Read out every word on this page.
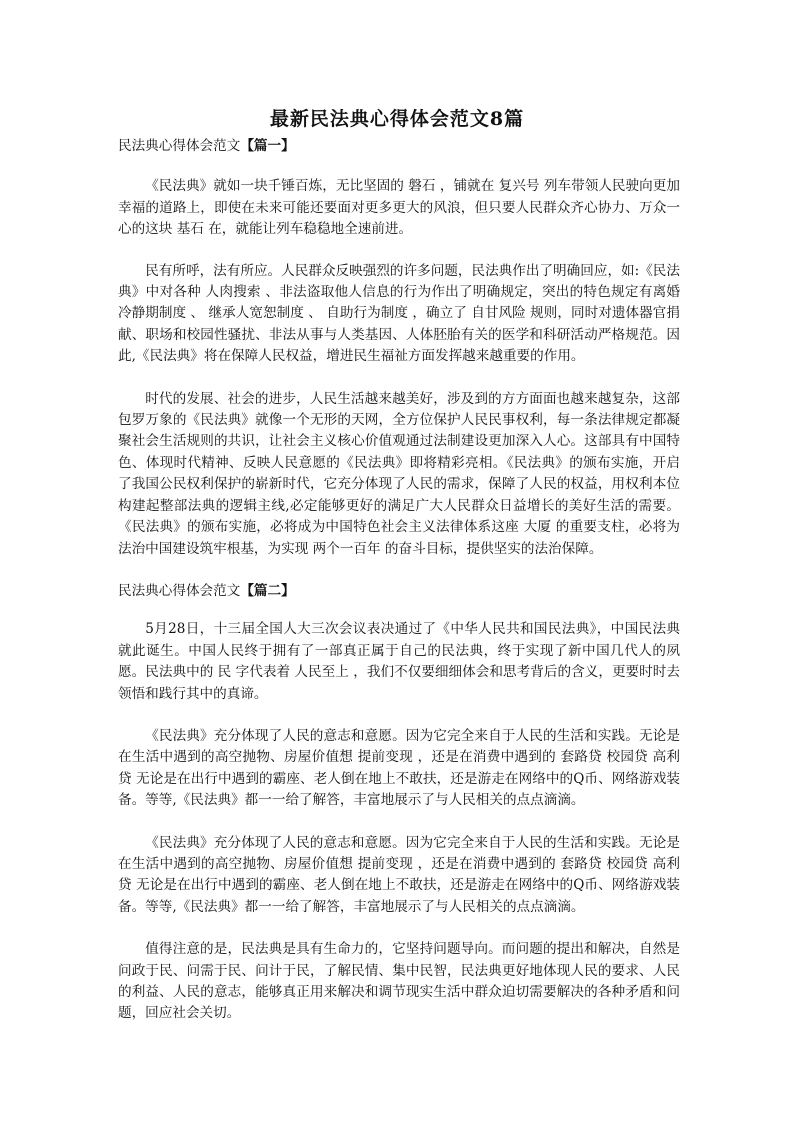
最新民法典心得体会范文8篇

民法典心得体会范文【篇一】

《民法典》就如一块千锤百炼，无比坚固的 磐石 ，铺就在 复兴号 列车带领人民驶向更加幸福的道路上，即使在未来可能还要面对更多更大的风浪，但只要人民群众齐心协力、万众一心的这块 基石 在，就能让列车稳稳地全速前进。

民有所呼，法有所应。人民群众反映强烈的许多问题，民法典作出了明确回应，如:《民法典》中对各种 人肉搜索 、非法盗取他人信息的行为作出了明确规定，突出的特色规定有离婚冷静期制度 、 继承人宽恕制度 、 自助行为制度 ，确立了 自甘风险 规则，同时对遗体器官捐献、职场和校园性骚扰、非法从事与人类基因、人体胚胎有关的医学和科研活动严格规范。因此,《民法典》将在保障人民权益，增进民生福祉方面发挥越来越重要的作用。

时代的发展、社会的进步，人民生活越来越美好，涉及到的方方面面也越来越复杂，这部包罗万象的《民法典》就像一个无形的天网，全方位保护人民民事权利，每一条法律规定都凝聚社会生活规则的共识，让社会主义核心价值观通过法制建设更加深入人心。这部具有中国特色、体现时代精神、反映人民意愿的《民法典》即将精彩亮相。《民法典》的颁布实施，开启了我国公民权利保护的崭新时代，它充分体现了人民的需求，保障了人民的权益，用权利本位构建起整部法典的逻辑主线,必定能够更好的满足广大人民群众日益增长的美好生活的需要。《民法典》的颁布实施，必将成为中国特色社会主义法律体系这座 大厦 的重要支柱，必将为法治中国建设筑牢根基，为实现 两个一百年 的奋斗目标，提供坚实的法治保障。

民法典心得体会范文【篇二】

5月28日，十三届全国人大三次会议表决通过了《中华人民共和国民法典》，中国民法典就此诞生。中国人民终于拥有了一部真正属于自己的民法典，终于实现了新中国几代人的夙愿。民法典中的 民 字代表着 人民至上 ，我们不仅要细细体会和思考背后的含义，更要时时去领悟和践行其中的真谛。

《民法典》充分体现了人民的意志和意愿。因为它完全来自于人民的生活和实践。无论是在生活中遇到的高空抛物、房屋价值想 提前变现 ，还是在消费中遇到的 套路贷 校园贷 高利贷 无论是在出行中遇到的霸座、老人倒在地上不敢扶，还是游走在网络中的Q币、网络游戏装备。等等,《民法典》都一一给了解答，丰富地展示了与人民相关的点点滴滴。

《民法典》充分体现了人民的意志和意愿。因为它完全来自于人民的生活和实践。无论是在生活中遇到的高空抛物、房屋价值想 提前变现 ，还是在消费中遇到的 套路贷 校园贷 高利贷 无论是在出行中遇到的霸座、老人倒在地上不敢扶，还是游走在网络中的Q币、网络游戏装备。等等,《民法典》都一一给了解答，丰富地展示了与人民相关的点点滴滴。

值得注意的是，民法典是具有生命力的，它坚持问题导向。而问题的提出和解决，自然是问政于民、问需于民、问计于民，了解民情、集中民智，民法典更好地体现人民的要求、人民的利益、人民的意志，能够真正用来解决和调节现实生活中群众迫切需要解决的各种矛盾和问题，回应社会关切。
